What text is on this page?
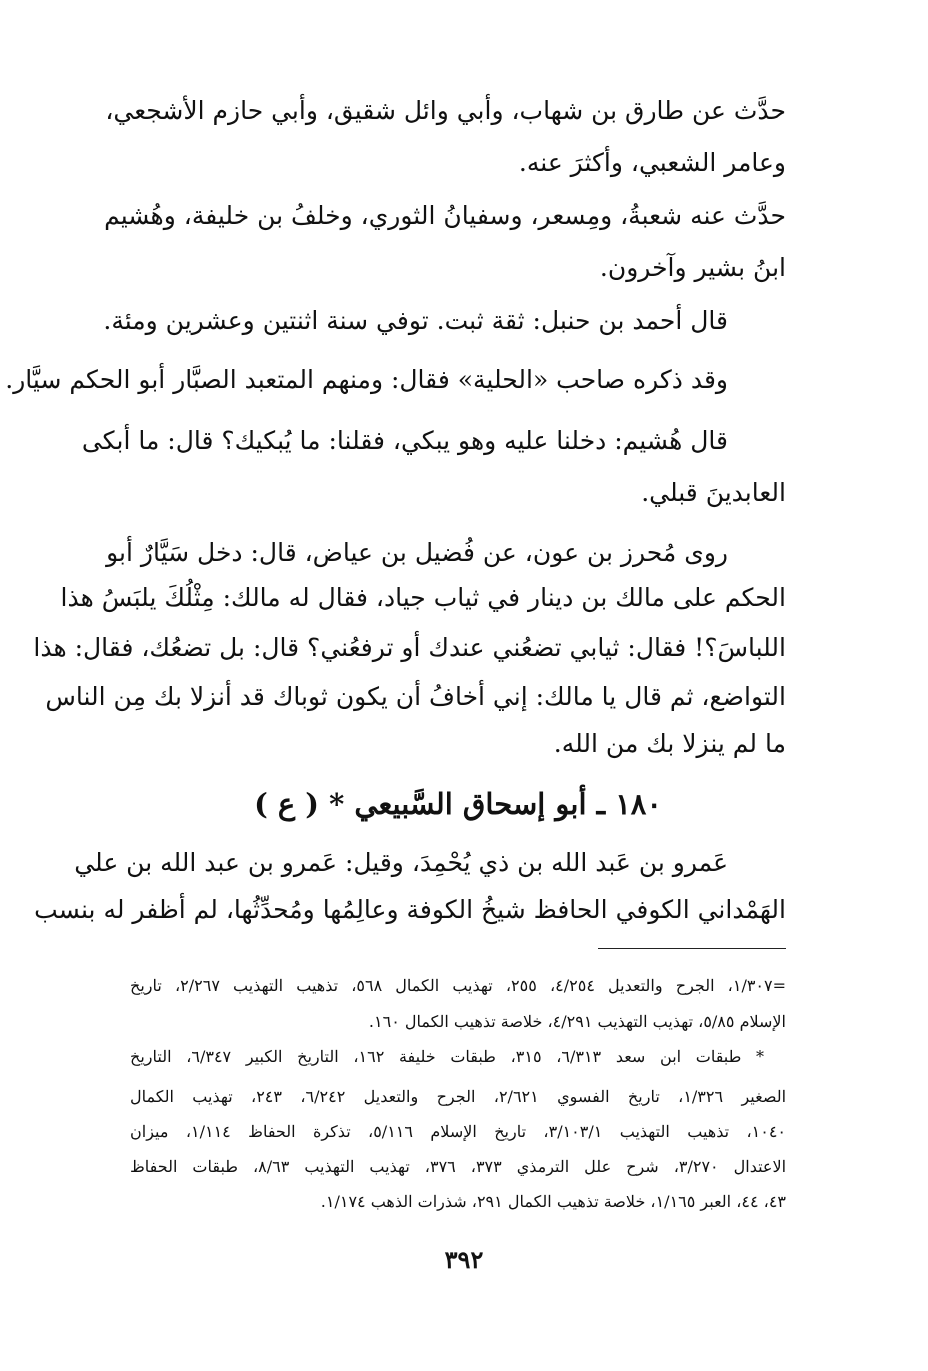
حدَّث عن طارق بن شهاب، وأبي وائل شقيق، وأبي حازم الأشجعي،
وعامر الشعبي، وأكثرَ عنه.
حدَّث عنه شعبةُ، ومِسعر، وسفيانُ الثوري، وخلفُ بن خليفة، وهُشيم
ابنُ بشير وآخرون.
قال أحمد بن حنبل: ثقة ثبت. توفي سنة اثنتين وعشرين ومئة.
وقد ذكره صاحب «الحلية» فقال: ومنهم المتعبد الصبَّار أبو الحكم سيَّار.
قال هُشيم: دخلنا عليه وهو يبكي، فقلنا: ما يُبكيك؟ قال: ما أبكى
العابدينَ قبلي.
روى مُحرز بن عون، عن فُضيل بن عياض، قال: دخل سَيَّارٌ أبو
الحكم على مالك بن دينار في ثياب جياد، فقال له مالك: مِثْلُكَ يلبَسُ هذا
اللباسَ؟! فقال: ثيابي تضعُني عندك أو ترفعُني؟ قال: بل تضعُك، فقال: هذا
التواضع، ثم قال يا مالك: إني أخافُ أن يكون ثوباك قد أنزلا بك مِن الناس
ما لم ينزلا بك من الله.
١٨٠ ـ أبو إسحاق السَّبيعي * ( ع )
عَمرو بن عَبد الله بن ذي يُحْمِدَ، وقيل: عَمرو بن عبد الله بن علي
الهَمْداني الكوفي الحافظ شيخُ الكوفة وعالِمُها ومُحدِّثُها، لم أظفر له بنسب
=١/٣٠٧، الجرح والتعديل ٤/٢٥٤، ٢٥٥، تهذيب الكمال ٥٦٨، تذهيب التهذيب ٢/٢٦٧، تاريخ
الإسلام ٥/٨٥، تهذيب التهذيب ٤/٢٩١، خلاصة تذهيب الكمال ١٦٠.
* طبقات ابن سعد ٦/٣١٣، ٣١٥، طبقات خليفة ١٦٢، التاريخ الكبير ٦/٣٤٧، التاريخ
الصغير ١/٣٢٦، تاريخ الفسوي ٢/٦٢١، الجرح والتعديل ٦/٢٤٢، ٢٤٣، تهذيب الكمال
١٠٤٠، تذهيب التهذيب ٣/١٠٣/١، تاريخ الإسلام ٥/١١٦، تذكرة الحفاظ ١/١١٤، ميزان
الاعتدال ٣/٢٧٠، شرح علل الترمذي ٣٧٣، ٣٧٦، تهذيب التهذيب ٨/٦٣، طبقات الحفاظ
٤٣، ٤٤، العبر ١/١٦٥، خلاصة تذهيب الكمال ٢٩١، شذرات الذهب ١/١٧٤.
٣٩٢
